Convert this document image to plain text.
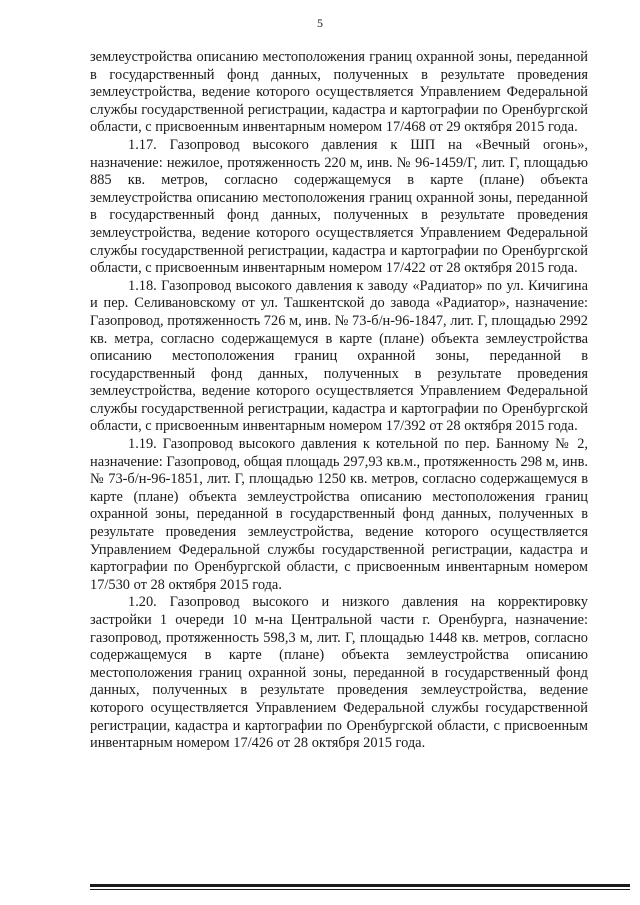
5

землеустройства описанию местоположения границ охранной зоны, переданной в государственный фонд данных, полученных в результате проведения землеустройства, ведение которого осуществляется Управлением Федеральной службы государственной регистрации, кадастра и картографии по Оренбургской области, с присвоенным инвентарным номером 17/468 от 29 октября 2015 года.

1.17. Газопровод высокого давления к ШП на «Вечный огонь», назначение: нежилое, протяженность 220 м, инв. № 96-1459/Г, лит. Г, площадью 885 кв. метров, согласно содержащемуся в карте (плане) объекта землеустройства описанию местоположения границ охранной зоны, переданной в государственный фонд данных, полученных в результате проведения землеустройства, ведение которого осуществляется Управлением Федеральной службы государственной регистрации, кадастра и картографии по Оренбургской области, с присвоенным инвентарным номером 17/422 от 28 октября 2015 года.

1.18. Газопровод высокого давления к заводу «Радиатор» по ул. Кичигина и пер. Селивановскому от ул. Ташкентской до завода «Радиатор», назначение: Газопровод, протяженность 726 м, инв. № 73-б/н-96-1847, лит. Г, площадью 2992 кв. метра, согласно содержащемуся в карте (плане) объекта землеустройства описанию местоположения границ охранной зоны, переданной в государственный фонд данных, полученных в результате проведения землеустройства, ведение которого осуществляется Управлением Федеральной службы государственной регистрации, кадастра и картографии по Оренбургской области, с присвоенным инвентарным номером 17/392 от 28 октября 2015 года.

1.19. Газопровод высокого давления к котельной по пер. Банному № 2, назначение: Газопровод, общая площадь 297,93 кв.м., протяженность 298 м, инв. № 73-б/н-96-1851, лит. Г, площадью 1250 кв. метров, согласно содержащемуся в карте (плане) объекта землеустройства описанию местоположения границ охранной зоны, переданной в государственный фонд данных, полученных в результате проведения землеустройства, ведение которого осуществляется Управлением Федеральной службы государственной регистрации, кадастра и картографии по Оренбургской области, с присвоенным инвентарным номером 17/530 от 28 октября 2015 года.

1.20. Газопровод высокого и низкого давления на корректировку застройки 1 очереди 10 м-на Центральной части г. Оренбурга, назначение: газопровод, протяженность 598,3 м, лит. Г, площадью 1448 кв. метров, согласно содержащемуся в карте (плане) объекта землеустройства описанию местоположения границ охранной зоны, переданной в государственный фонд данных, полученных в результате проведения землеустройства, ведение которого осуществляется Управлением Федеральной службы государственной регистрации, кадастра и картографии по Оренбургской области, с присвоенным инвентарным номером 17/426 от 28 октября 2015 года.
